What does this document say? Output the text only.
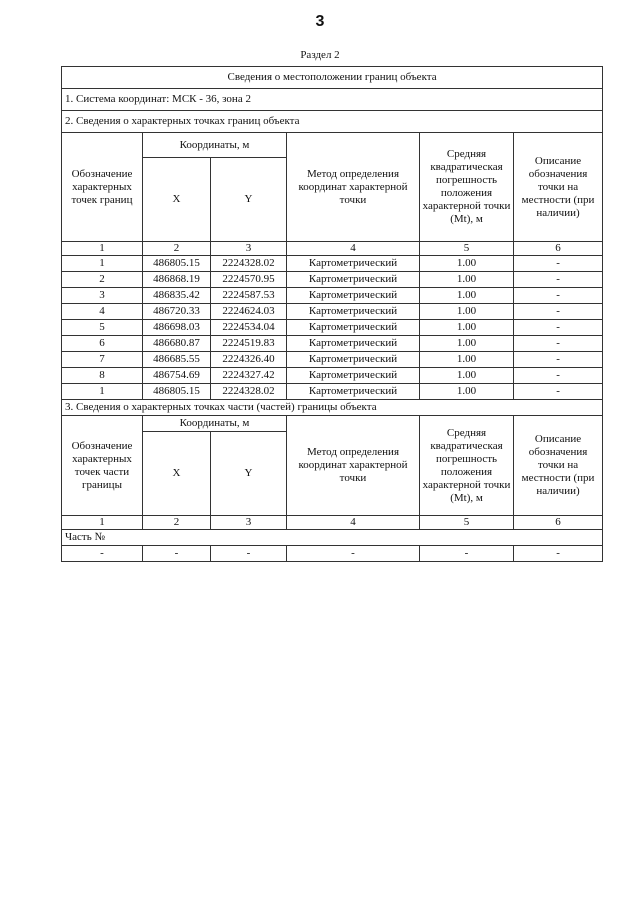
3
Раздел 2
Сведения о местоположении границ объекта					
1. Система координат: МСК - 36, зона 2					
2. Сведения о характерных точках границ объекта					
Обозначение характерных точек границ	Координаты, м		Метод определения координат характерной точки	Средняя квадратическая погрешность положения характерной точки (Mt), м	Описание обозначения точки на местности (при наличии)
	X	Y			
1	2	3	4	5	6
1	486805.15	2224328.02	Картометрический	1.00	-
2	486868.19	2224570.95	Картометрический	1.00	-
3	486835.42	2224587.53	Картометрический	1.00	-
4	486720.33	2224624.03	Картометрический	1.00	-
5	486698.03	2224534.04	Картометрический	1.00	-
6	486680.87	2224519.83	Картометрический	1.00	-
7	486685.55	2224326.40	Картометрический	1.00	-
8	486754.69	2224327.42	Картометрический	1.00	-
1	486805.15	2224328.02	Картометрический	1.00	-
3. Сведения о характерных точках части (частей) границы объекта					
Обозначение характерных точек части границы	Координаты, м		Метод определения координат характерной точки	Средняя квадратическая погрешность положения характерной точки (Mt), м	Описание обозначения точки на местности (при наличии)
	X	Y			
1	2	3	4	5	6
Часть №					
-	-	-	-	-	-
